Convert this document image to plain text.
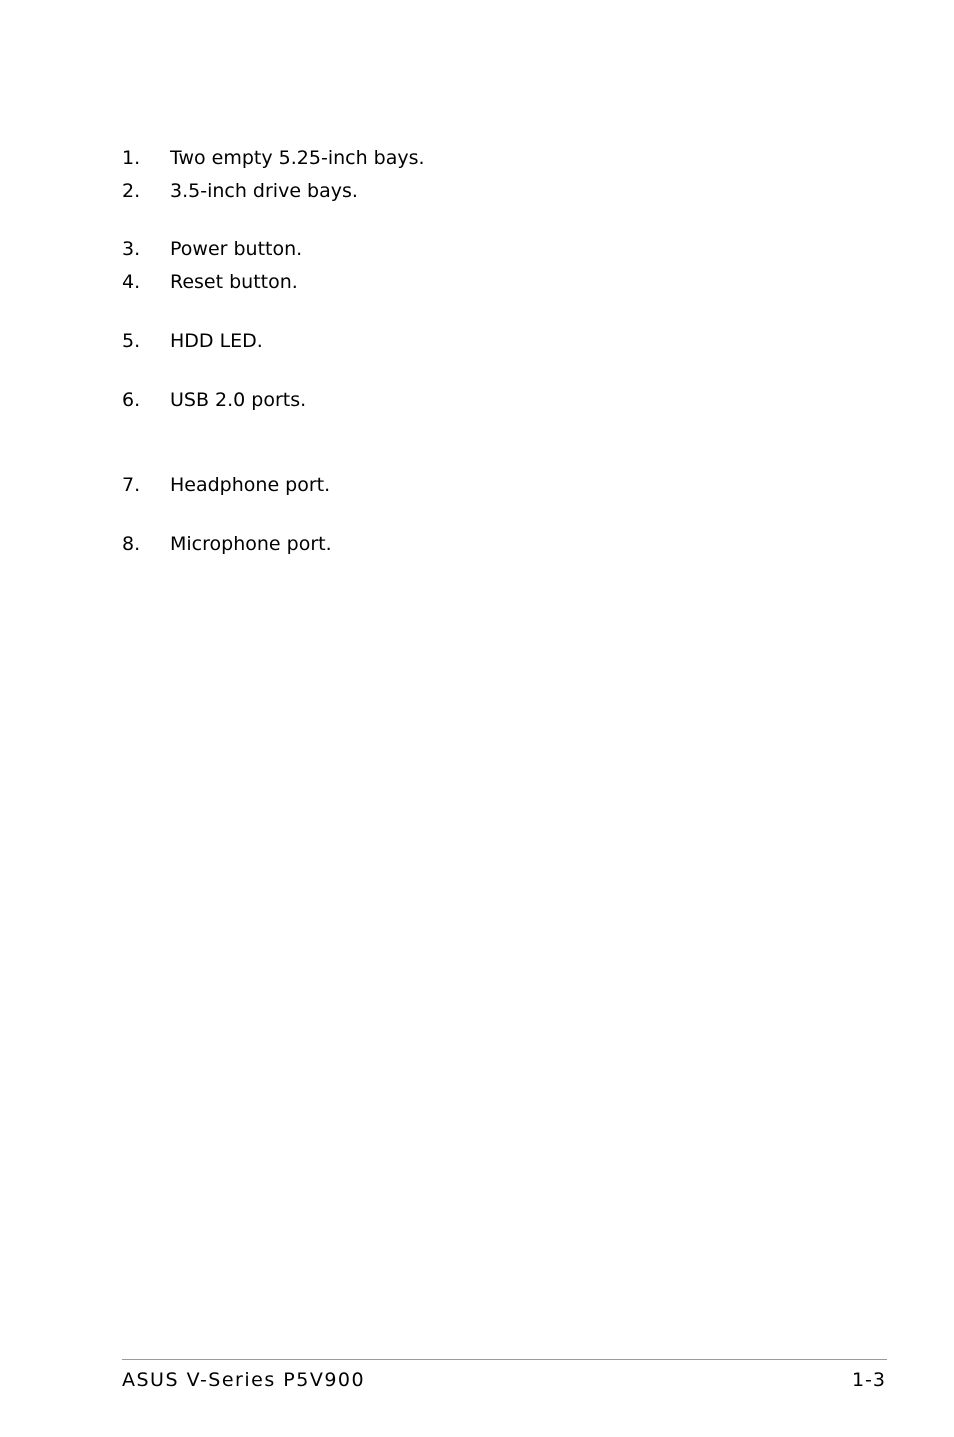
1. Two empty 5.25-inch bays.
2. 3.5-inch drive bays.
3. Power button.
4. Reset button.
5. HDD LED.
6. USB 2.0 ports.
7. Headphone port.
8. Microphone port.
ASUS V-Series P5V900	1-3
